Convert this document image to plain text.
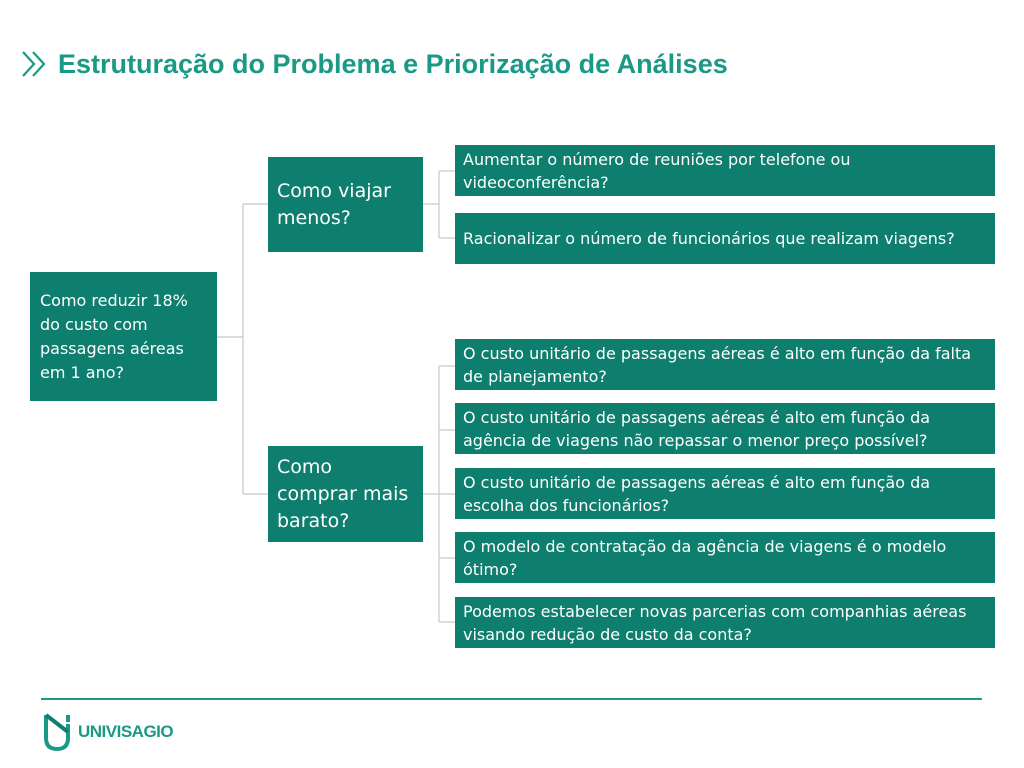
Estruturação do Problema e Priorização de Análises
Como reduzir 18% do custo com passagens aéreas em 1 ano?
Como viajar menos?
Como comprar mais barato?
Aumentar o número de reuniões por telefone ou videoconferência?
Racionalizar o número de funcionários que realizam viagens?
O custo unitário de passagens aéreas é alto em função da falta de planejamento?
O custo unitário de passagens aéreas é alto em função da agência de viagens não repassar o menor preço possível?
O custo unitário de passagens aéreas é alto em função da escolha dos funcionários?
O modelo de contratação da agência de viagens é o modelo ótimo?
Podemos estabelecer novas parcerias com companhias aéreas visando redução de custo da conta?
UNIVISAGIO
